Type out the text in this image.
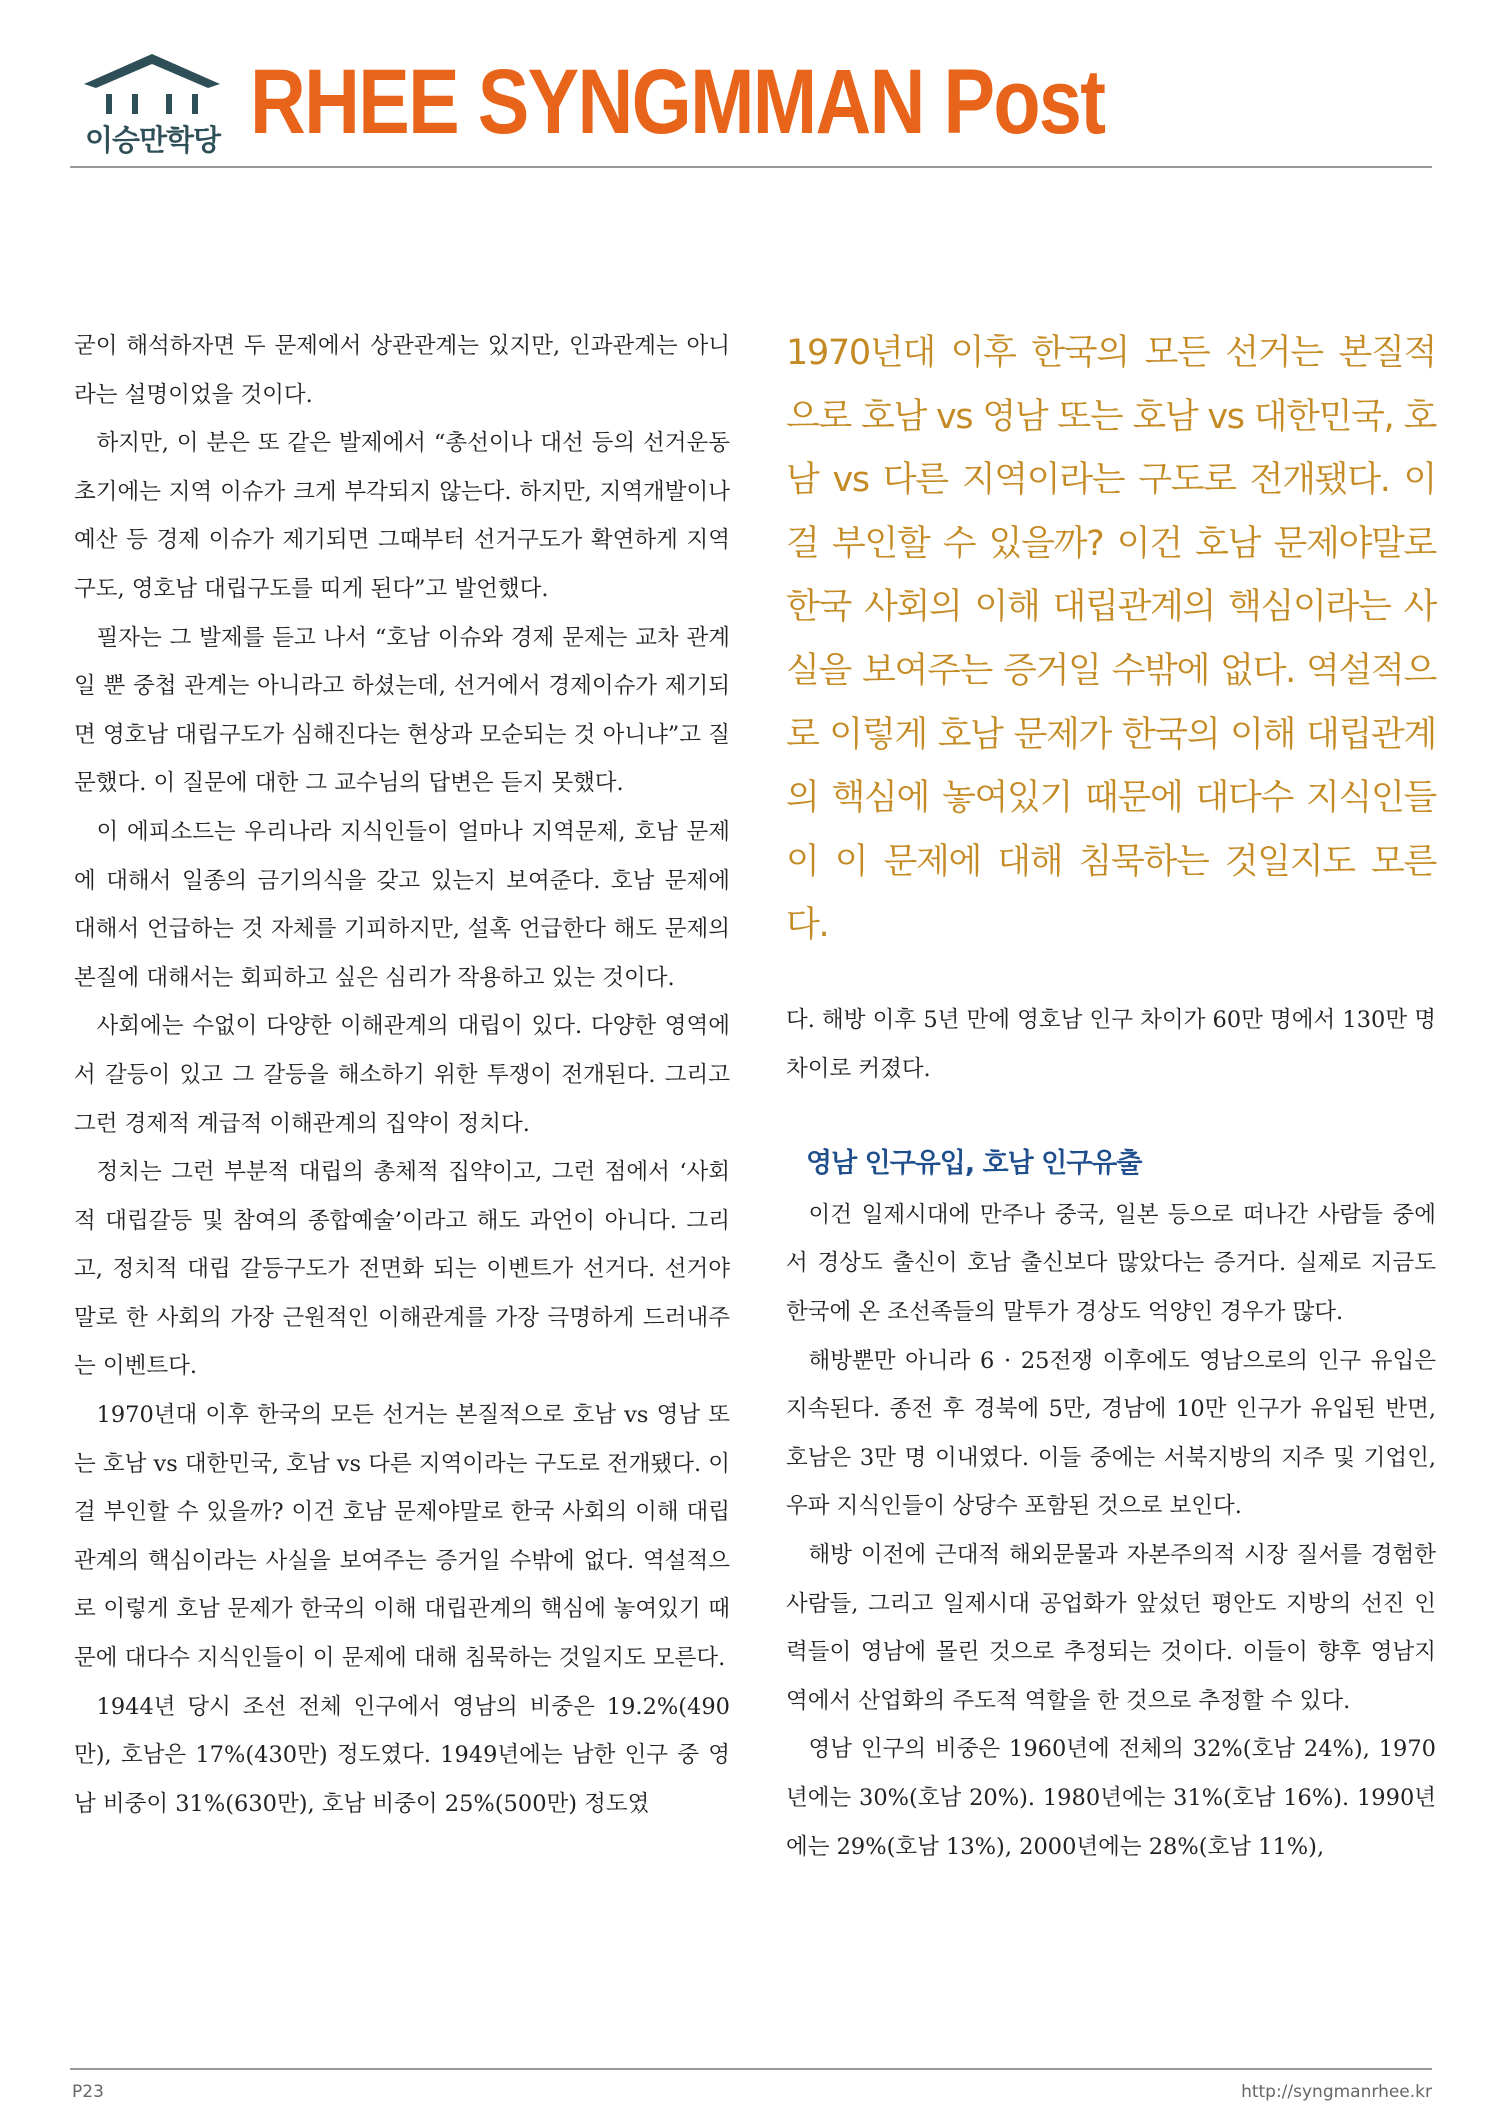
이승만학당 RHEE SYNGMMAN Post

굳이 해석하자면 두 문제에서 상관관계는 있지만, 인과관계는 아니라는 설명이었을 것이다.

하지만, 이 분은 또 같은 발제에서 “총선이나 대선 등의 선거운동 초기에는 지역 이슈가 크게 부각되지 않는다. 하지만, 지역개발이나 예산 등 경제 이슈가 제기되면 그때부터 선거구도가 확연하게 지역구도, 영호남 대립구도를 띠게 된다”고 발언했다.

필자는 그 발제를 듣고 나서 “호남 이슈와 경제 문제는 교차 관계일 뿐 중첩 관계는 아니라고 하셨는데, 선거에서 경제이슈가 제기되면 영호남 대립구도가 심해진다는 현상과 모순되는 것 아니냐”고 질문했다. 이 질문에 대한 그 교수님의 답변은 듣지 못했다.

이 에피소드는 우리나라 지식인들이 얼마나 지역문제, 호남 문제에 대해서 일종의 금기의식을 갖고 있는지 보여준다. 호남 문제에 대해서 언급하는 것 자체를 기피하지만, 설혹 언급한다 해도 문제의 본질에 대해서는 회피하고 싶은 심리가 작용하고 있는 것이다.

사회에는 수없이 다양한 이해관계의 대립이 있다. 다양한 영역에서 갈등이 있고 그 갈등을 해소하기 위한 투쟁이 전개된다. 그리고 그런 경제적 계급적 이해관계의 집약이 정치다.

정치는 그런 부분적 대립의 총체적 집약이고, 그런 점에서 ‘사회적 대립갈등 및 참여의 종합예술’이라고 해도 과언이 아니다. 그리고, 정치적 대립 갈등구도가 전면화 되는 이벤트가 선거다. 선거야말로 한 사회의 가장 근원적인 이해관계를 가장 극명하게 드러내주는 이벤트다.

1970년대 이후 한국의 모든 선거는 본질적으로 호남 vs 영남 또는 호남 vs 대한민국, 호남 vs 다른 지역이라는 구도로 전개됐다. 이걸 부인할 수 있을까? 이건 호남 문제야말로 한국 사회의 이해 대립관계의 핵심이라는 사실을 보여주는 증거일 수밖에 없다. 역설적으로 이렇게 호남 문제가 한국의 이해 대립관계의 핵심에 놓여있기 때문에 대다수 지식인들이 이 문제에 대해 침묵하는 것일지도 모른다.

1944년 당시 조선 전체 인구에서 영남의 비중은 19.2%(490만), 호남은 17%(430만) 정도였다. 1949년에는 남한 인구 중 영남 비중이 31%(630만), 호남 비중이 25%(500만) 정도였

1970년대 이후 한국의 모든 선거는 본질적으로 호남 vs 영남 또는 호남 vs 대한민국, 호남 vs 다른 지역이라는 구도로 전개됐다. 이걸 부인할 수 있을까? 이건 호남 문제야말로 한국 사회의 이해 대립관계의 핵심이라는 사실을 보여주는 증거일 수밖에 없다. 역설적으로 이렇게 호남 문제가 한국의 이해 대립관계의 핵심에 놓여있기 때문에 대다수 지식인들이 이 문제에 대해 침묵하는 것일지도 모른다.

다. 해방 이후 5년 만에 영호남 인구 차이가 60만 명에서 130만 명 차이로 커졌다.

영남 인구유입, 호남 인구유출

이건 일제시대에 만주나 중국, 일본 등으로 떠나간 사람들 중에서 경상도 출신이 호남 출신보다 많았다는 증거다. 실제로 지금도 한국에 온 조선족들의 말투가 경상도 억양인 경우가 많다.

해방뿐만 아니라 6 · 25전쟁 이후에도 영남으로의 인구 유입은 지속된다. 종전 후 경북에 5만, 경남에 10만 인구가 유입된 반면, 호남은 3만 명 이내였다. 이들 중에는 서북지방의 지주 및 기업인, 우파 지식인들이 상당수 포함된 것으로 보인다.

해방 이전에 근대적 해외문물과 자본주의적 시장 질서를 경험한 사람들, 그리고 일제시대 공업화가 앞섰던 평안도 지방의 선진 인력들이 영남에 몰린 것으로 추정되는 것이다. 이들이 향후 영남지역에서 산업화의 주도적 역할을 한 것으로 추정할 수 있다.

영남 인구의 비중은 1960년에 전체의 32%(호남 24%), 1970년에는 30%(호남 20%). 1980년에는 31%(호남 16%). 1990년에는 29%(호남 13%), 2000년에는 28%(호남 11%),

P23	http://syngmanrhee.kr
